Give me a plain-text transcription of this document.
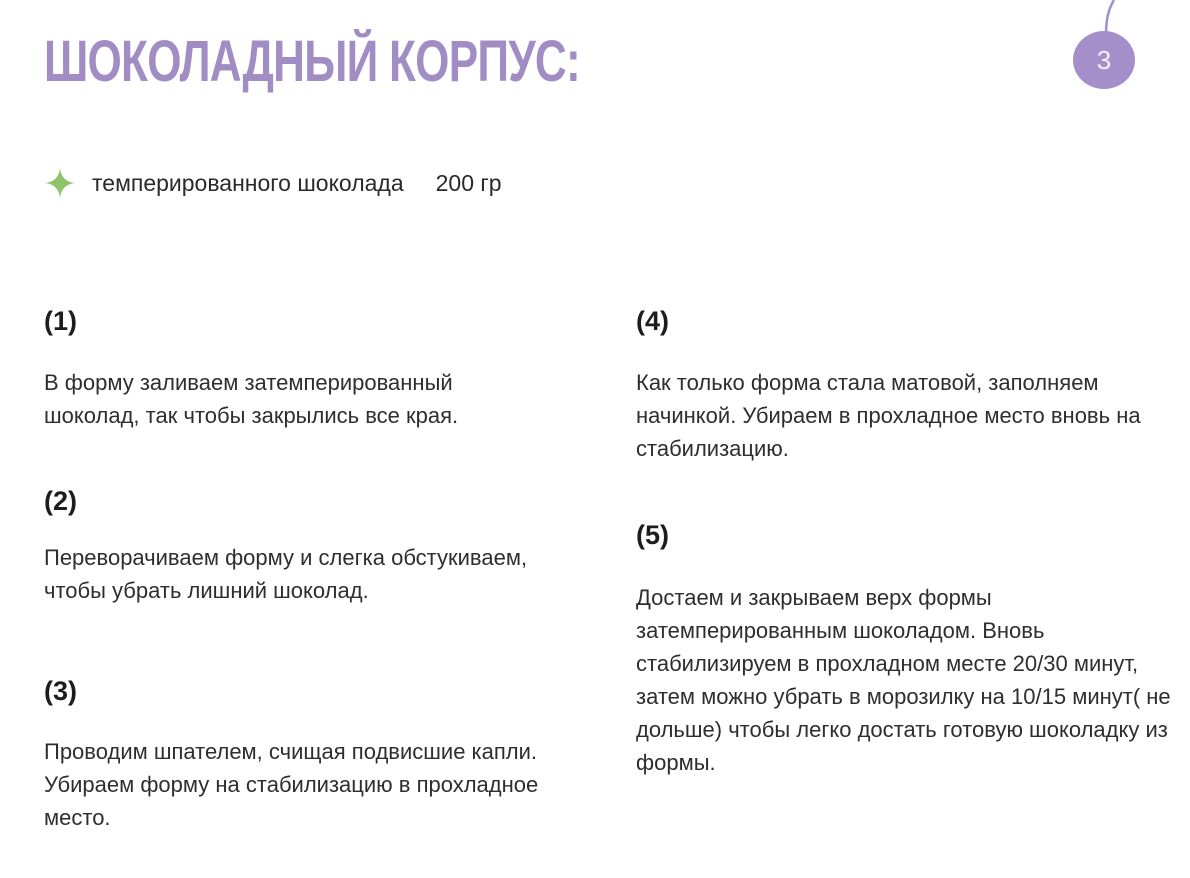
ШОКОЛАДНЫЙ КОРПУС:	3
темперированного шоколада 200 гр

(1)

В форму заливаем затемперированный шоколад, так чтобы закрылись все края.

(2)

Переворачиваем форму и слегка обстукиваем, чтобы убрать лишний шоколад.

(3)

Проводим шпателем, счищая подвисшие капли. Убираем форму на стабилизацию в прохладное место.

(4)

Как только форма стала матовой, заполняем начинкой. Убираем в прохладное место вновь на стабилизацию.

(5)

Достаем и закрываем верх формы затемперированным шоколадом. Вновь стабилизируем в прохладном месте 20/30 минут, затем можно убрать в морозилку на 10/15 минут( не дольше) чтобы легко достать готовую шоколадку из формы.
